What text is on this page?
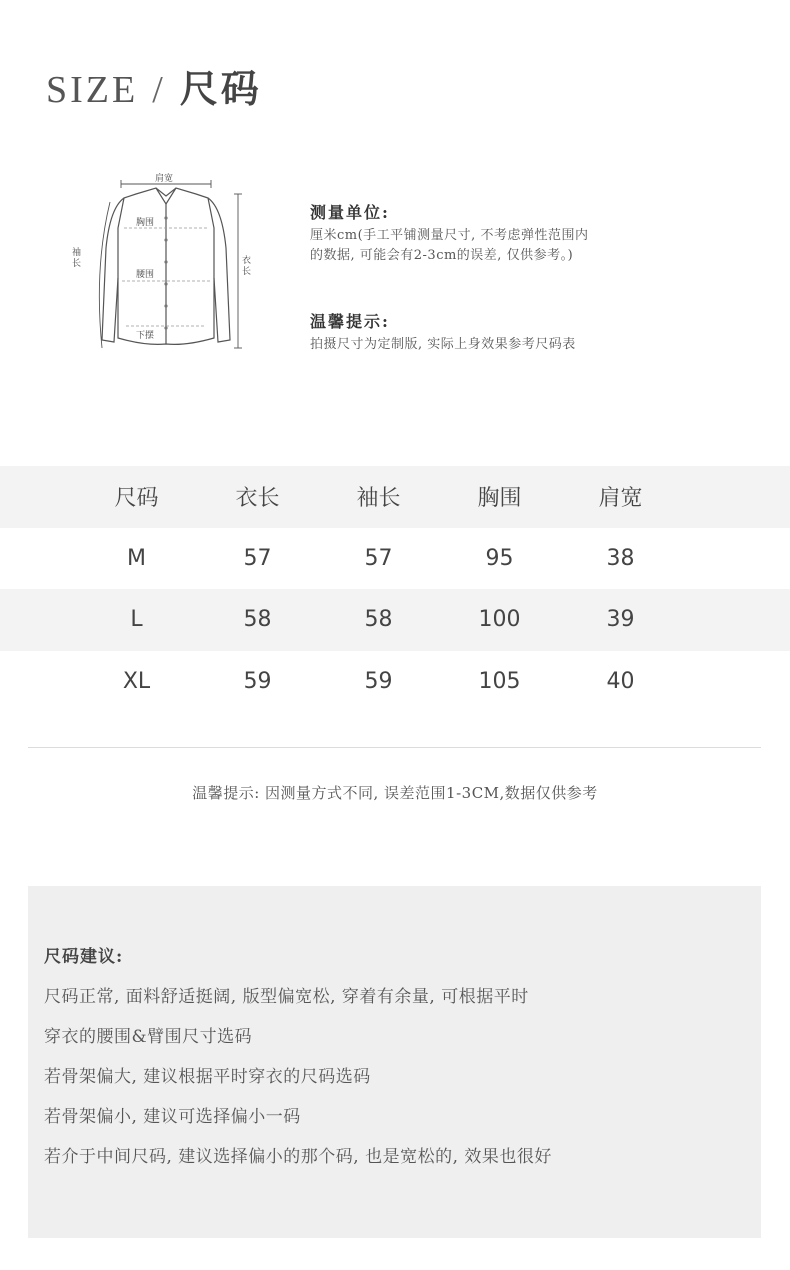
SIZE / 尺码
肩宽
胸围
腰围
下摆
袖长	衣长
测量单位:
厘米cm(手工平铺测量尺寸, 不考虑弹性范围内
的数据, 可能会有2-3cm的误差, 仅供参考。)
温馨提示:
拍摄尺寸为定制版, 实际上身效果参考尺码表
尺码	衣长	袖长	胸围	肩宽
M	57	57	95	38
L	58	58	100	39
XL	59	59	105	40
温馨提示: 因测量方式不同, 误差范围1-3CM,数据仅供参考
尺码建议:
尺码正常, 面料舒适挺阔, 版型偏宽松, 穿着有余量, 可根据平时
穿衣的腰围&臂围尺寸选码
若骨架偏大, 建议根据平时穿衣的尺码选码
若骨架偏小, 建议可选择偏小一码
若介于中间尺码, 建议选择偏小的那个码, 也是宽松的, 效果也很好
